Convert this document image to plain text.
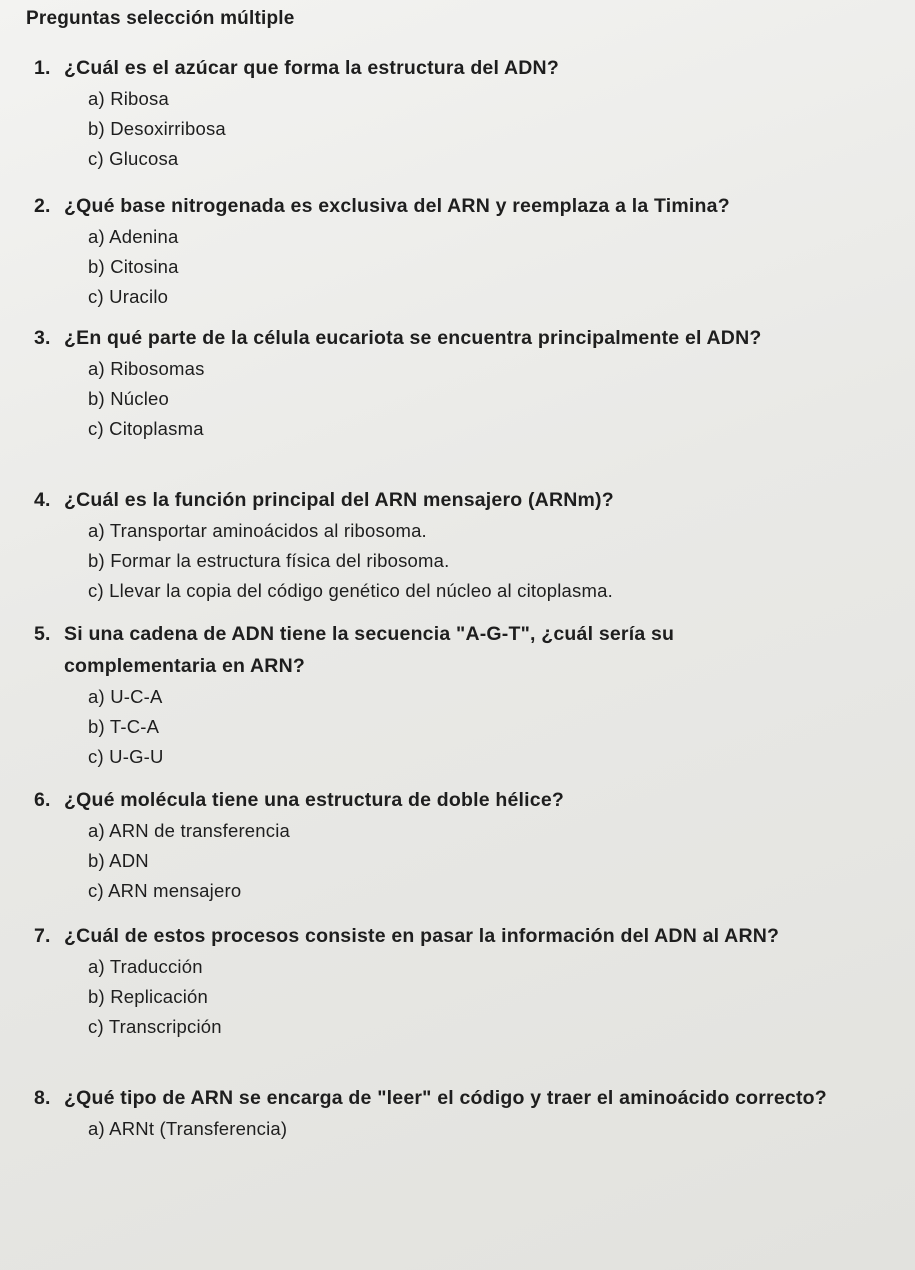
Preguntas selección múltiple
1. ¿Cuál es el azúcar que forma la estructura del ADN?
a) Ribosa
b) Desoxirribosa
c) Glucosa
2. ¿Qué base nitrogenada es exclusiva del ARN y reemplaza a la Timina?
a) Adenina
b) Citosina
c) Uracilo
3. ¿En qué parte de la célula eucariota se encuentra principalmente el ADN?
a) Ribosomas
b) Núcleo
c) Citoplasma
4. ¿Cuál es la función principal del ARN mensajero (ARNm)?
a) Transportar aminoácidos al ribosoma.
b) Formar la estructura física del ribosoma.
c) Llevar la copia del código genético del núcleo al citoplasma.
5. Si una cadena de ADN tiene la secuencia "A-G-T", ¿cuál sería su complementaria en ARN?
a) U-C-A
b) T-C-A
c) U-G-U
6. ¿Qué molécula tiene una estructura de doble hélice?
a) ARN de transferencia
b) ADN
c) ARN mensajero
7. ¿Cuál de estos procesos consiste en pasar la información del ADN al ARN?
a) Traducción
b) Replicación
c) Transcripción
8. ¿Qué tipo de ARN se encarga de "leer" el código y traer el aminoácido correcto?
a) ARNt (Transferencia)
